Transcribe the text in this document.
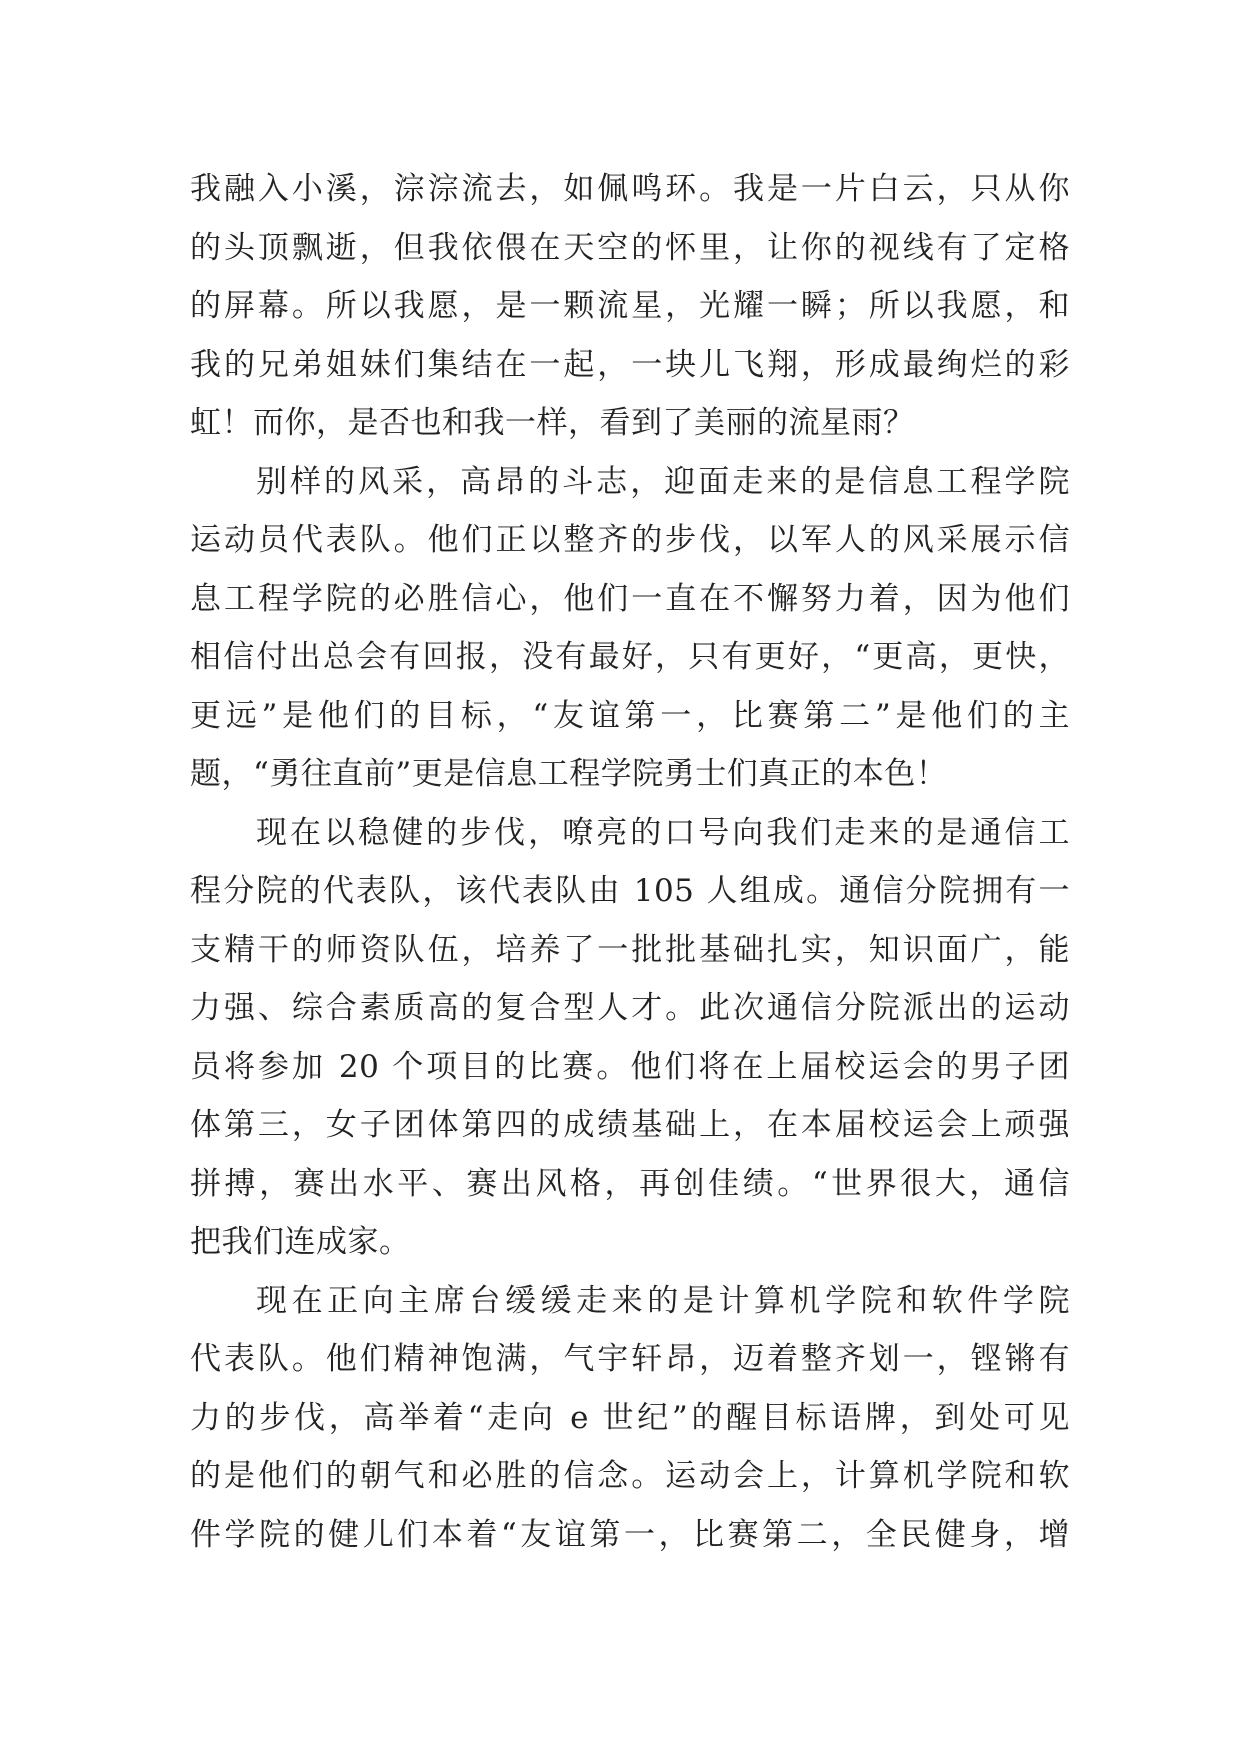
我融入小溪，淙淙流去，如佩鸣环。我是一片白云，只从你
的头顶飘逝，但我依偎在天空的怀里，让你的视线有了定格
的屏幕。所以我愿，是一颗流星，光耀一瞬；所以我愿，和
我的兄弟姐妹们集结在一起，一块儿飞翔，形成最绚烂的彩
虹！而你，是否也和我一样，看到了美丽的流星雨？
别样的风采，高昂的斗志，迎面走来的是信息工程学院
运动员代表队。他们正以整齐的步伐，以军人的风采展示信
息工程学院的必胜信心，他们一直在不懈努力着，因为他们
相信付出总会有回报，没有最好，只有更好，“更高，更快，
更远”是他们的目标，“友谊第一，比赛第二”是他们的主
题，“勇往直前”更是信息工程学院勇士们真正的本色！
现在以稳健的步伐，嘹亮的口号向我们走来的是通信工
程分院的代表队，该代表队由 105 人组成。通信分院拥有一
支精干的师资队伍，培养了一批批基础扎实，知识面广，能
力强、综合素质高的复合型人才。此次通信分院派出的运动
员将参加 20 个项目的比赛。他们将在上届校运会的男子团
体第三，女子团体第四的成绩基础上，在本届校运会上顽强
拼搏，赛出水平、赛出风格，再创佳绩。“世界很大，通信
把我们连成家。
现在正向主席台缓缓走来的是计算机学院和软件学院
代表队。他们精神饱满，气宇轩昂，迈着整齐划一，铿锵有
力的步伐，高举着“走向 e 世纪”的醒目标语牌，到处可见
的是他们的朝气和必胜的信念。运动会上，计算机学院和软
件学院的健儿们本着“友谊第一，比赛第二，全民健身，增
